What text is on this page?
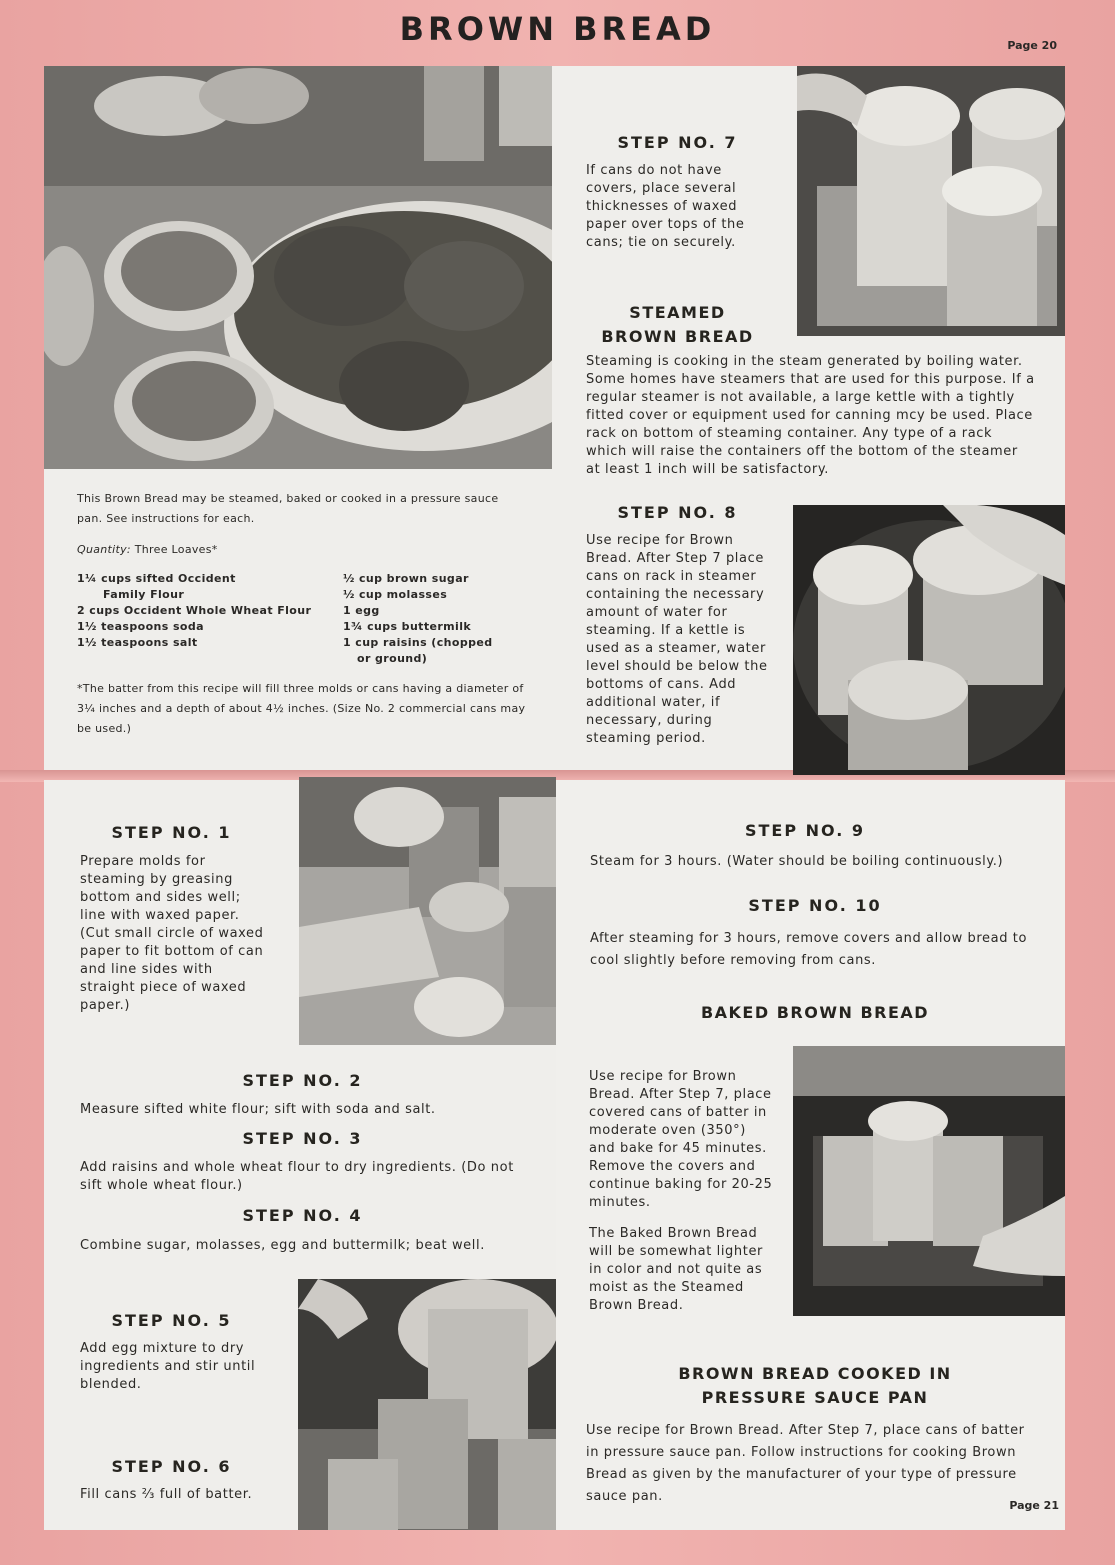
BROWN BREAD	Page 20
This Brown Bread may be steamed, baked or cooked in a pressure sauce pan. See instructions for each.
Quantity: Three Loaves*
1¼ cups sifted Occident
Family Flour
2 cups Occident Whole Wheat Flour
1½ teaspoons soda
1½ teaspoons salt
½ cup brown sugar
½ cup molasses
1 egg
1¾ cups buttermilk
1 cup raisins (chopped
or ground)
*The batter from this recipe will fill three molds or cans having a diameter of 3¼ inches and a depth of about 4½ inches. (Size No. 2 commercial cans may be used.)
STEP NO. 7
If cans do not have covers, place several thicknesses of waxed paper over tops of the cans; tie on securely.
STEAMED
BROWN BREAD
Steaming is cooking in the steam generated by boiling water. Some homes have steamers that are used for this purpose. If a regular steamer is not available, a large kettle with a tightly fitted cover or equipment used for canning mcy be used. Place rack on bottom of steaming container. Any type of a rack which will raise the containers off the bottom of the steamer at least 1 inch will be satisfactory.
STEP NO. 8
Use recipe for Brown Bread. After Step 7 place cans on rack in steamer containing the necessary amount of water for steaming. If a kettle is used as a steamer, water level should be below the bottoms of cans. Add additional water, if necessary, during steaming period.
STEP NO. 1
Prepare molds for steaming by greasing bottom and sides well; line with waxed paper. (Cut small circle of waxed paper to fit bottom of can and line sides with straight piece of waxed paper.)
STEP NO. 2
Measure sifted white flour; sift with soda and salt.
STEP NO. 3
Add raisins and whole wheat flour to dry ingredients. (Do not sift whole wheat flour.)
STEP NO. 4
Combine sugar, molasses, egg and buttermilk; beat well.
STEP NO. 5
Add egg mixture to dry ingredients and stir until blended.
STEP NO. 6
Fill cans ⅔ full of batter.
STEP NO. 9
Steam for 3 hours. (Water should be boiling continuously.)
STEP NO. 10
After steaming for 3 hours, remove covers and allow bread to cool slightly before removing from cans.
BAKED BROWN BREAD
Use recipe for Brown Bread. After Step 7, place covered cans of batter in moderate oven (350°) and bake for 45 minutes. Remove the covers and continue baking for 20-25 minutes.
The Baked Brown Bread will be somewhat lighter in color and not quite as moist as the Steamed Brown Bread.
BROWN BREAD COOKED IN
PRESSURE SAUCE PAN
Use recipe for Brown Bread. After Step 7, place cans of batter in pressure sauce pan. Follow instructions for cooking Brown Bread as given by the manufacturer of your type of pressure sauce pan.
Page 21
